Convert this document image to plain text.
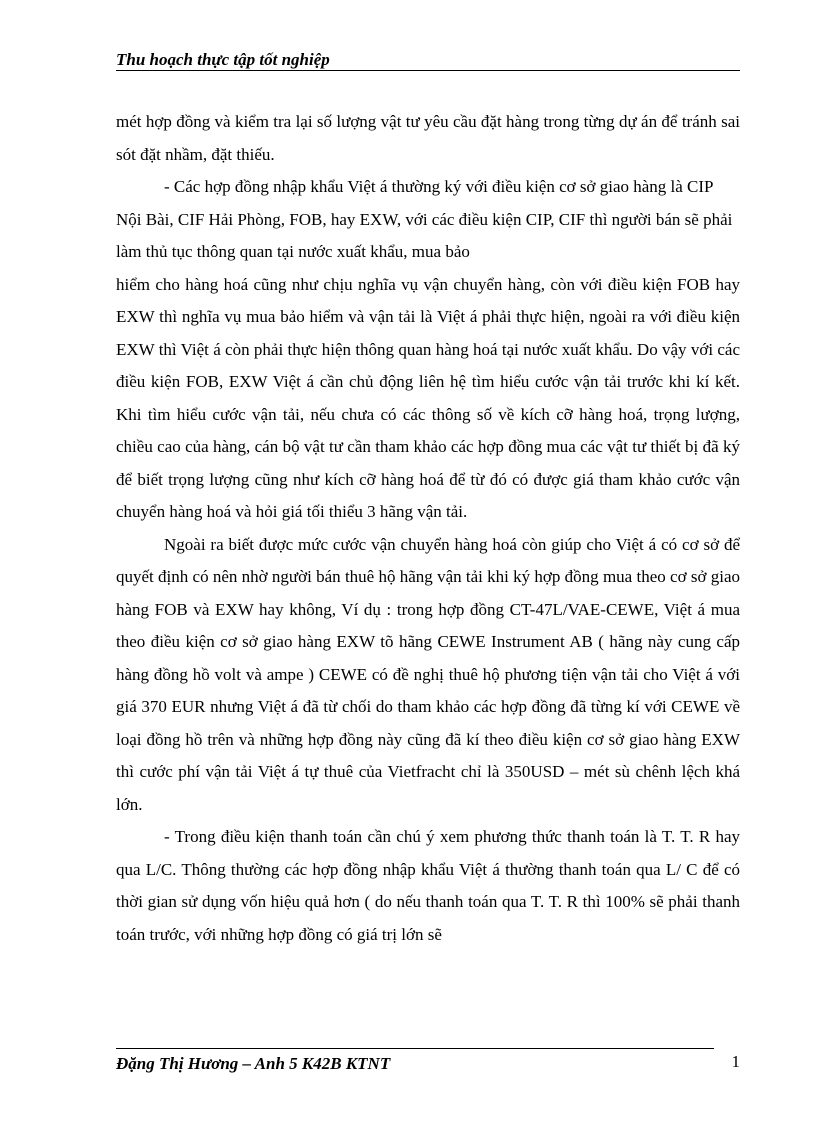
Thu hoạch thực tập tốt nghiệp

mét hợp đồng và kiểm tra lại số lượng vật tư yêu cầu đặt hàng trong từng dự án để tránh sai sót đặt nhầm, đặt thiếu.

- Các hợp đồng nhập khẩu Việt á thường ký với điều kiện cơ sở giao hàng là CIP Nội Bài, CIF Hải Phòng, FOB, hay EXW, với các điều kiện CIP, CIF thì người bán sẽ phải làm thủ tục thông quan tại nước xuất khẩu, mua bảo

hiểm cho hàng hoá cũng như chịu nghĩa vụ vận chuyển hàng, còn với điều kiện FOB hay EXW thì nghĩa vụ mua bảo hiểm và vận tải là Việt á phải thực hiện, ngoài ra với điều kiện EXW thì Việt á còn phải thực hiện thông quan hàng hoá tại nước xuất khẩu. Do vậy với các điều kiện FOB, EXW Việt á cần chủ động liên hệ tìm hiểu cước vận tải trước khi kí kết. Khi tìm hiểu cước vận tải, nếu chưa có các thông số về kích cỡ hàng hoá, trọng lượng, chiều cao của hàng, cán bộ vật tư cần tham khảo các hợp đồng mua các vật tư thiết bị đã ký để biết trọng lượng cũng như kích cỡ hàng hoá để từ đó có được giá tham khảo cước vận chuyển hàng hoá và hỏi giá tối thiểu 3 hãng vận tải.

Ngoài ra biết được mức cước vận chuyển hàng hoá còn giúp cho Việt á có cơ sở để quyết định có nên nhờ người bán thuê hộ hãng vận tải khi ký hợp đồng mua theo cơ sở giao hàng FOB và EXW hay không, Ví dụ : trong hợp đồng CT-47L/VAE-CEWE, Việt á mua theo điều kiện cơ sở giao hàng EXW tõ hãng CEWE Instrument AB ( hãng này cung cấp hàng đồng hồ volt và ampe ) CEWE có đề nghị thuê hộ phương tiện vận tải cho Việt á với giá 370 EUR nhưng Việt á đã từ chối do tham khảo các hợp đồng đã từng kí với CEWE về loại đồng hồ trên và những hợp đồng này cũng đã kí theo điều kiện cơ sở giao hàng EXW thì cước phí vận tải Việt á tự thuê của Vietfracht chỉ là 350USD – mét sù chênh lệch khá lớn.

- Trong điều kiện thanh toán cần chú ý xem phương thức thanh toán là T. T. R hay qua L/C. Thông thường các hợp đồng nhập khẩu Việt á thường thanh toán qua L/ C để có thời gian sử dụng vốn hiệu quả hơn ( do nếu thanh toán qua T. T. R thì 100% sẽ phải thanh toán trước, với những hợp đồng có giá trị lớn sẽ

Đặng Thị Hương – Anh 5 K42B KTNT	1
